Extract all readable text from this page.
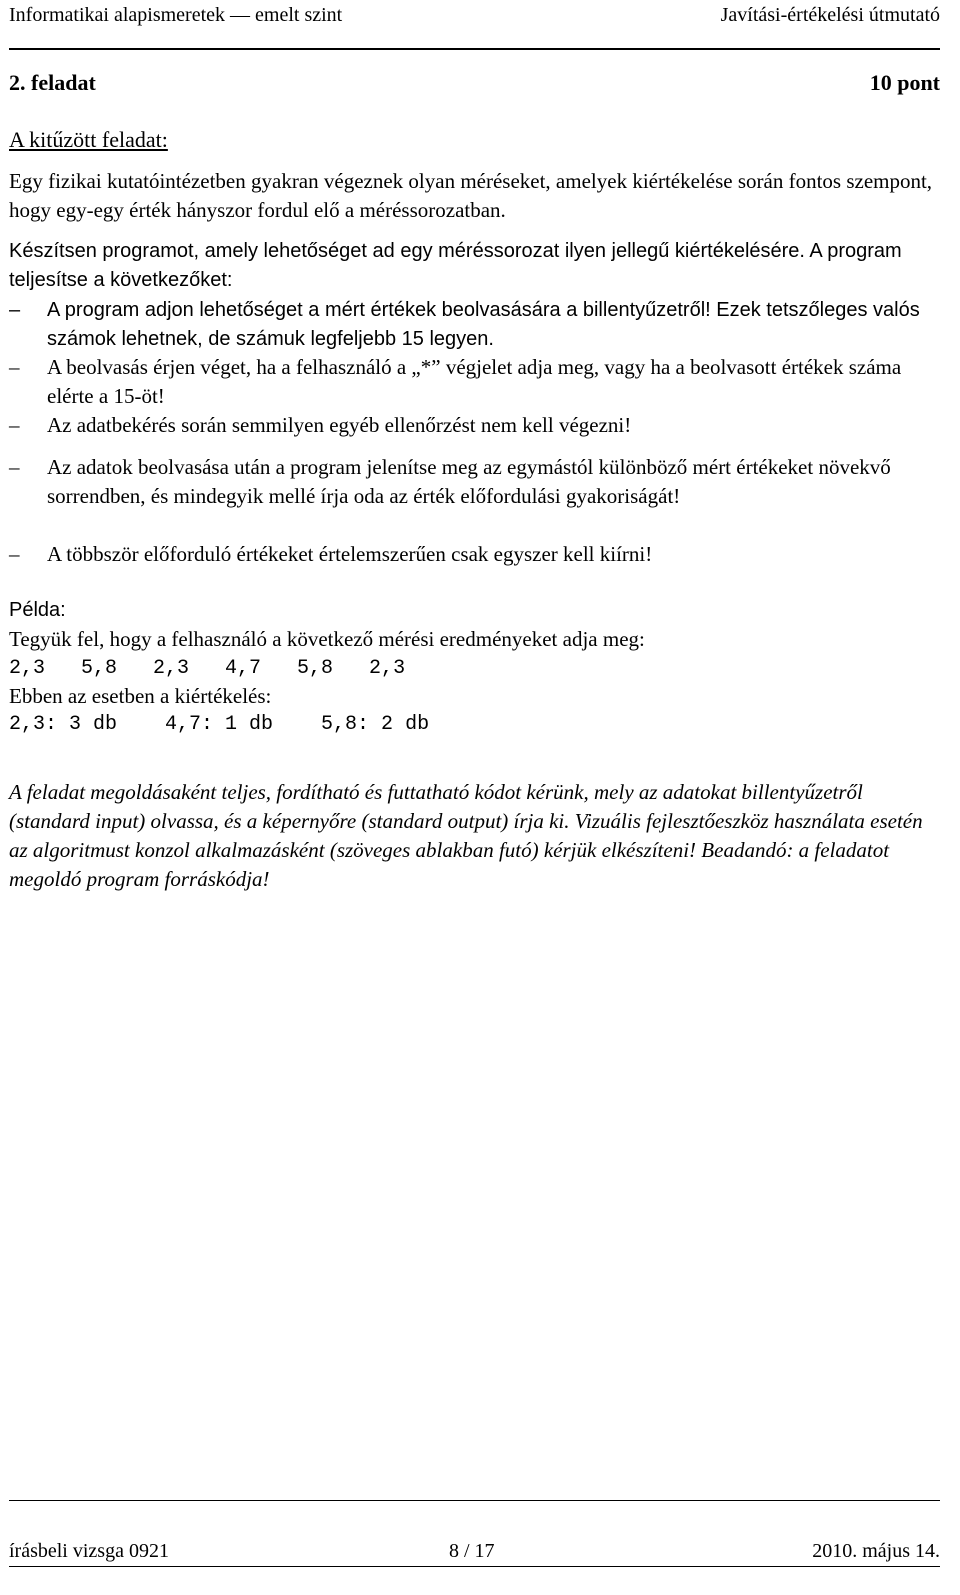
Informatikai alapismeretek — emelt szint	Javítási-értékelési útmutató
2. feladat	10 pont
A kitűzött feladat:
Egy fizikai kutatóintézetben gyakran végeznek olyan méréseket, amelyek kiértékelése során fontos szempont, hogy egy-egy érték hányszor fordul elő a méréssorozatban.
Készítsen programot, amely lehetőséget ad egy méréssorozat ilyen jellegű kiértékelésére. A program teljesítse a következőket:
–	A program adjon lehetőséget a mért értékek beolvasására a billentyűzetről! Ezek tetszőleges valós számok lehetnek, de számuk legfeljebb 15 legyen.
–	A beolvasás érjen véget, ha a felhasználó a „*” végjelet adja meg, vagy ha a beolvasott értékek száma elérte a 15-öt!
–	Az adatbekérés során semmilyen egyéb ellenőrzést nem kell végezni!
–	Az adatok beolvasása után a program jelenítse meg az egymástól különböző mért értékeket növekvő sorrendben, és mindegyik mellé írja oda az érték előfordulási gyakoriságát!
–	A többször előforduló értékeket értelemszerűen csak egyszer kell kiírni!
Példa:
Tegyük fel, hogy a felhasználó a következő mérési eredményeket adja meg:
2,3   5,8   2,3   4,7   5,8   2,3
Ebben az esetben a kiértékelés:
2,3: 3 db    4,7: 1 db    5,8: 2 db
A feladat megoldásaként teljes, fordítható és futtatható kódot kérünk, mely az adatokat billentyűzetről (standard input) olvassa, és a képernyőre (standard output) írja ki. Vizuális fejlesztőeszköz használata esetén az algoritmust konzol alkalmazásként (szöveges ablakban futó) kérjük elkészíteni! Beadandó: a feladatot megoldó program forráskódja!
írásbeli vizsga 0921	8 / 17	2010. május 14.
